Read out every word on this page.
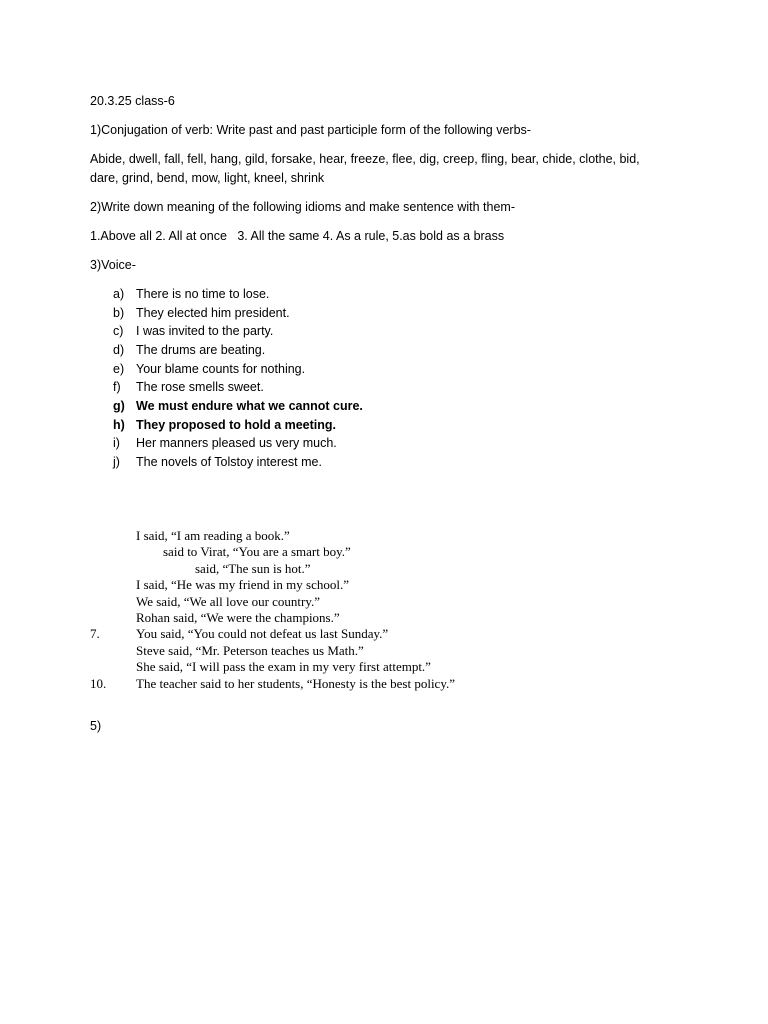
20.3.25 class-6
1)Conjugation of verb: Write past and past participle form of the following verbs-
Abide, dwell, fall, fell, hang, gild, forsake, hear, freeze, flee, dig, creep, fling, bear, chide, clothe, bid,
dare, grind, bend, mow, light, kneel, shrink
2)Write down meaning of the following idioms and make sentence with them-
1.Above all 2. All at once   3. All the same 4. As a rule, 5.as bold as a brass
3)Voice-
a) There is no time to lose.
b) They elected him president.
c) I was invited to the party.
d) The drums are beating.
e) Your blame counts for nothing.
f) The rose smells sweet.
g) We must endure what we cannot cure.
h) They proposed to hold a meeting.
i) Her manners pleased us very much.
j) The novels of Tolstoy interest me.
I said, “I am reading a book.”
said to Virat, “You are a smart boy.”
said, “The sun is hot.”
I said, “He was my friend in my school.”
We said, “We all love our country.”
Rohan said, “We were the champions.”
7.	You said, “You could not defeat us last Sunday.”
Steve said, “Mr. Peterson teaches us Math.”
She said, “I will pass the exam in my very first attempt.”
10. The teacher said to her students, “Honesty is the best policy.”
5)
